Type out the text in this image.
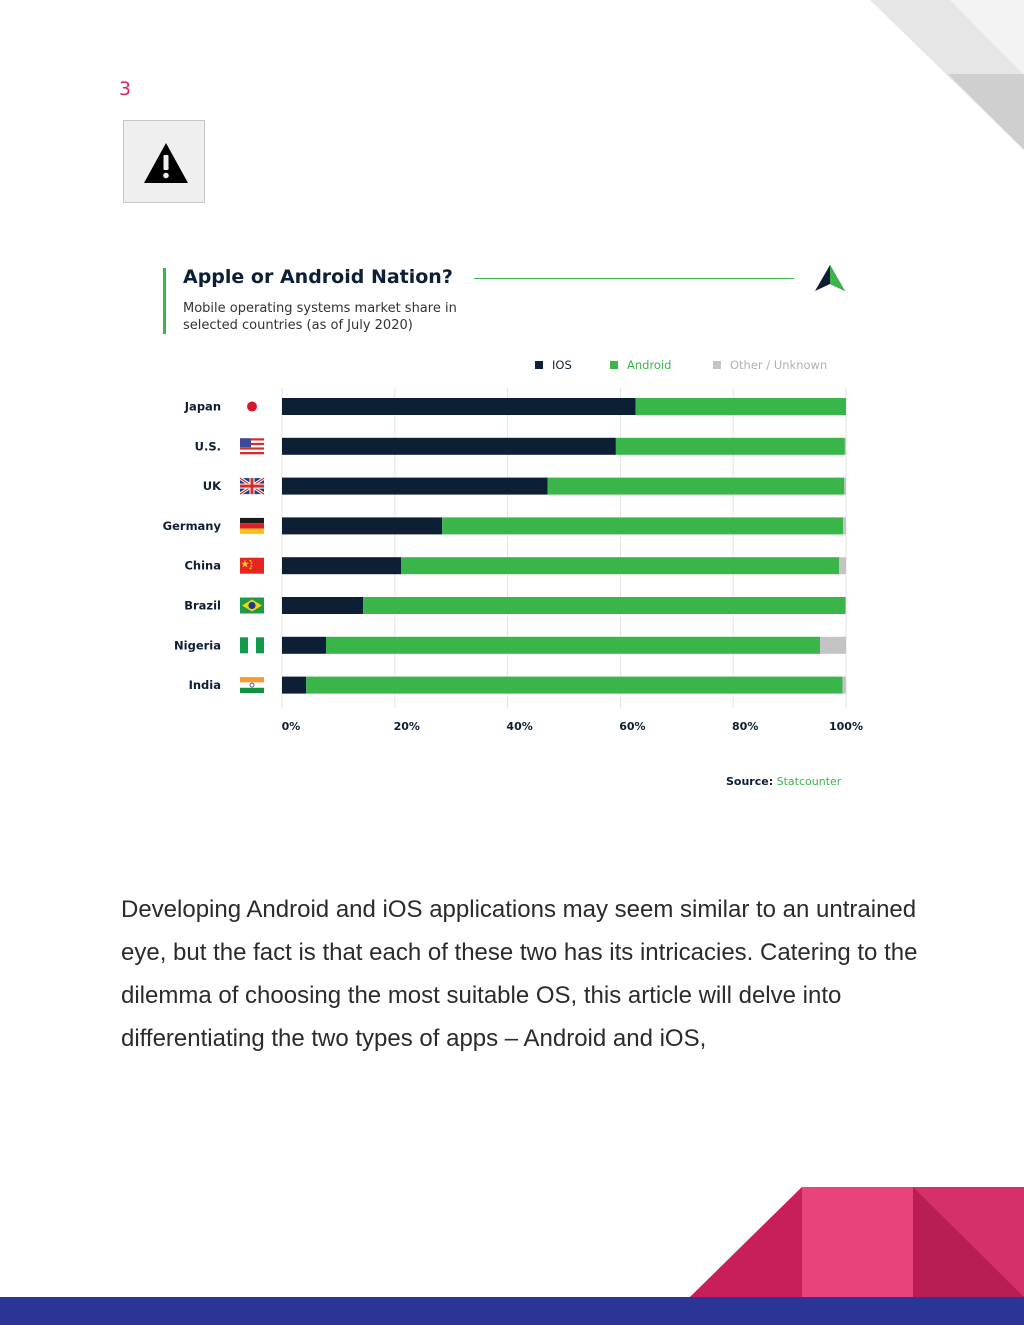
3
Apple or Android Nation?
Mobile operating systems market share in selected countries (as of July 2020)
IOS	Android	Other / Unknown
Japan
U.S.
UK
Germany
China
Brazil
Nigeria
India
0%	20%	40%	60%	80%	100%
Source: Statcounter

Developing Android and iOS applications may seem similar to an untrained eye, but the fact is that each of these two has its intricacies. Catering to the dilemma of choosing the most suitable OS, this article will delve into differentiating the two types of apps – Android and iOS,
